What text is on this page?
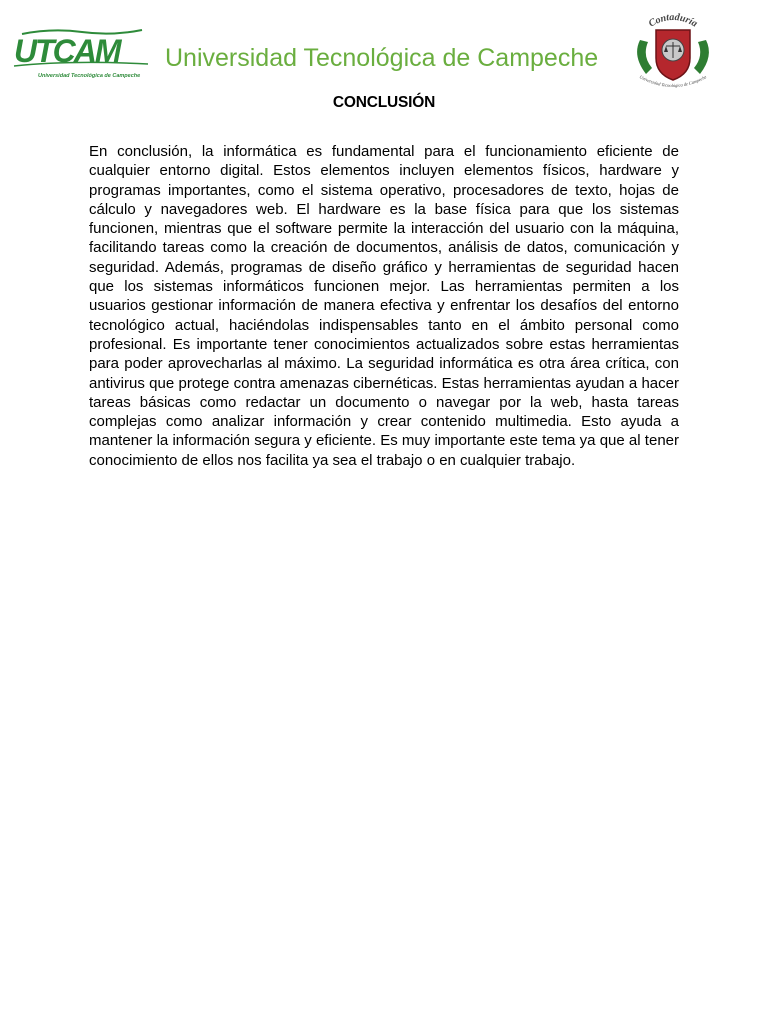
UTCAM
Universidad Tecnológica de Campeche
Universidad Tecnológica de Campeche
Contaduría
Universidad Tecnológica de Campeche
CONCLUSIÓN

En conclusión, la informática es fundamental para el funcionamiento eficiente de cualquier entorno digital. Estos elementos incluyen elementos físicos, hardware y programas importantes, como el sistema operativo, procesadores de texto, hojas de cálculo y navegadores web. El hardware es la base física para que los sistemas funcionen, mientras que el software permite la interacción del usuario con la máquina, facilitando tareas como la creación de documentos, análisis de datos, comunicación y seguridad. Además, programas de diseño gráfico y herramientas de seguridad hacen que los sistemas informáticos funcionen mejor. Las herramientas permiten a los usuarios gestionar información de manera efectiva y enfrentar los desafíos del entorno tecnológico actual, haciéndolas indispensables tanto en el ámbito personal como profesional. Es importante tener conocimientos actualizados sobre estas herramientas para poder aprovecharlas al máximo. La seguridad informática es otra área crítica, con antivirus que protege contra amenazas cibernéticas. Estas herramientas ayudan a hacer tareas básicas como redactar un documento o navegar por la web, hasta tareas complejas como analizar información y crear contenido multimedia. Esto ayuda a mantener la información segura y eficiente. Es muy importante este tema ya que al tener conocimiento de ellos nos facilita ya sea el trabajo o en cualquier trabajo.
